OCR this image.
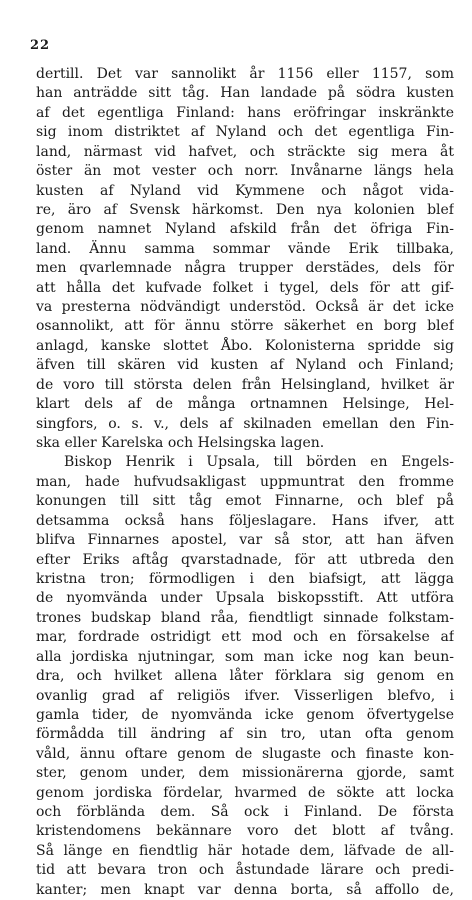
22
dertill. Det var sannolikt år 1156 eller 1157, som
han anträdde sitt tåg. Han landade på södra kusten
af det egentliga Finland: hans eröfringar inskränkte
sig inom distriktet af Nyland och det egentliga Fin-
land, närmast vid hafvet, och sträckte sig mera åt
öster än mot vester och norr. Invånarne längs hela
kusten af Nyland vid Kymmene och något vida-
re, äro af Svensk härkomst. Den nya kolonien blef
genom namnet Nyland afskild från det öfriga Fin-
land. Ännu samma sommar vände Erik tillbaka,
men qvarlemnade några trupper derstädes, dels för
att hålla det kufvade folket i tygel, dels för att gif-
va presterna nödvändigt understöd. Också är det icke
osannolikt, att för ännu större säkerhet en borg blef
anlagd, kanske slottet Åbo. Kolonisterna spridde sig
äfven till skären vid kusten af Nyland och Finland;
de voro till största delen från Helsingland, hvilket är
klart dels af de många ortnamnen Helsinge, Hel-
singfors, o. s. v., dels af skilnaden emellan den Fin-
ska eller Karelska och Helsingska lagen.
Biskop Henrik i Upsala, till börden en Engels-
man, hade hufvudsakligast uppmuntrat den fromme
konungen till sitt tåg emot Finnarne, och blef på
detsamma också hans följeslagare. Hans ifver, att
blifva Finnarnes apostel, var så stor, att han äfven
efter Eriks aftåg qvarstadnade, för att utbreda den
kristna tron; förmodligen i den biafsigt, att lägga
de nyomvända under Upsala biskopsstift. Att utföra
trones budskap bland råa, fiendtligt sinnade folkstam-
mar, fordrade ostridigt ett mod och en försakelse af
alla jordiska njutningar, som man icke nog kan beun-
dra, och hvilket allena låter förklara sig genom en
ovanlig grad af religiös ifver. Visserligen blefvo, i
gamla tider, de nyomvända icke genom öfvertygelse
förmådda till ändring af sin tro, utan ofta genom
våld, ännu oftare genom de slugaste och finaste kon-
ster, genom under, dem missionärerna gjorde, samt
genom jordiska fördelar, hvarmed de sökte att locka
och förblända dem. Så ock i Finland. De första
kristendomens bekännare voro det blott af tvång.
Så länge en fiendtlig här hotade dem, läfvade de all-
tid att bevara tron och åstundade lärare och predi-
kanter; men knapt var denna borta, så affollo de,
